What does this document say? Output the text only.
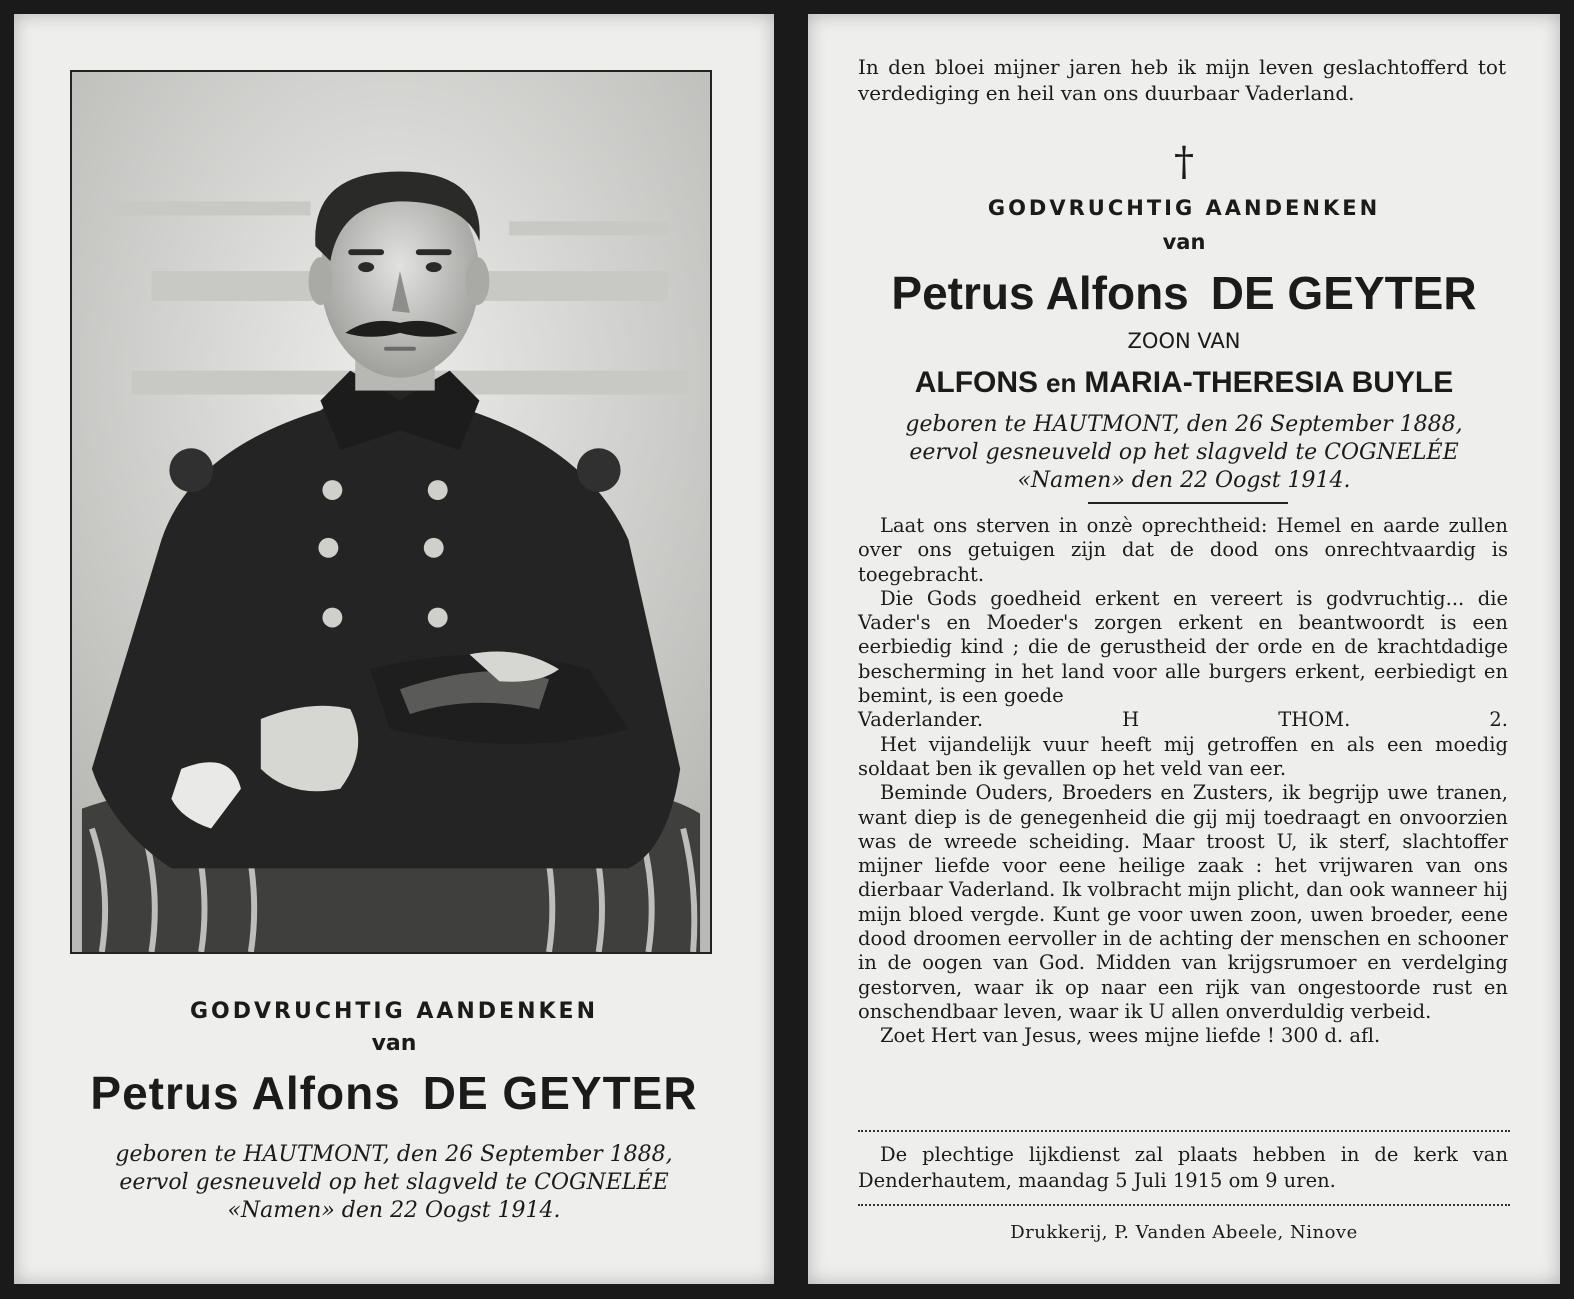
GODVRUCHTIG AANDENKEN
van
Petrus Alfons DE GEYTER
geboren te HAUTMONT, den 26 September 1888,
eervol gesneuveld op het slagveld te COGNELÉE
«Namen» den 22 Oogst 1914.
In den bloei mijner jaren heb ik mijn leven geslachtofferd tot verdediging en heil van ons duurbaar Vaderland.
†
GODVRUCHTIG AANDENKEN
van
Petrus Alfons DE GEYTER
ZOON VAN
ALFONS en MARIA-THERESIA BUYLE
geboren te HAUTMONT, den 26 September 1888,
eervol gesneuveld op het slagveld te COGNELÉE
«Namen» den 22 Oogst 1914.

Laat ons sterven in onzè oprechtheid: Hemel en aarde zullen over ons getuigen zijn dat de dood ons onrechtvaardig is toegebracht.

Die Gods goedheid erkent en vereert is godvruchtig... die Vader's en Moeder's zorgen erkent en beantwoordt is een eerbiedig kind ; die de gerustheid der orde en de krachtdadige bescherming in het land voor alle burgers erkent, eerbiedigt en bemint, is een goede

Vaderlander.	H THOM. 2.

Het vijandelijk vuur heeft mij getroffen en als een moedig soldaat ben ik gevallen op het veld van eer.

Beminde Ouders, Broeders en Zusters, ik begrijp uwe tranen, want diep is de genegenheid die gij mij toedraagt en onvoorzien was de wreede scheiding. Maar troost U, ik sterf, slachtoffer mijner liefde voor eene heilige zaak : het vrijwaren van ons dierbaar Vaderland. Ik volbracht mijn plicht, dan ook wanneer hij mijn bloed vergde. Kunt ge voor uwen zoon, uwen broeder, eene dood droomen eervoller in de achting der menschen en schooner in de oogen van God. Midden van krijgsrumoer en verdelging gestorven, waar ik op naar een rijk van ongestoorde rust en onschendbaar leven, waar ik U allen onverduldig verbeid.

Zoet Hert van Jesus, wees mijne liefde ! 300 d. afl.

De plechtige lijkdienst zal plaats hebben in de kerk van Denderhautem, maandag 5 Juli 1915 om 9 uren.
Drukkerij, P. Vanden Abeele, Ninove
